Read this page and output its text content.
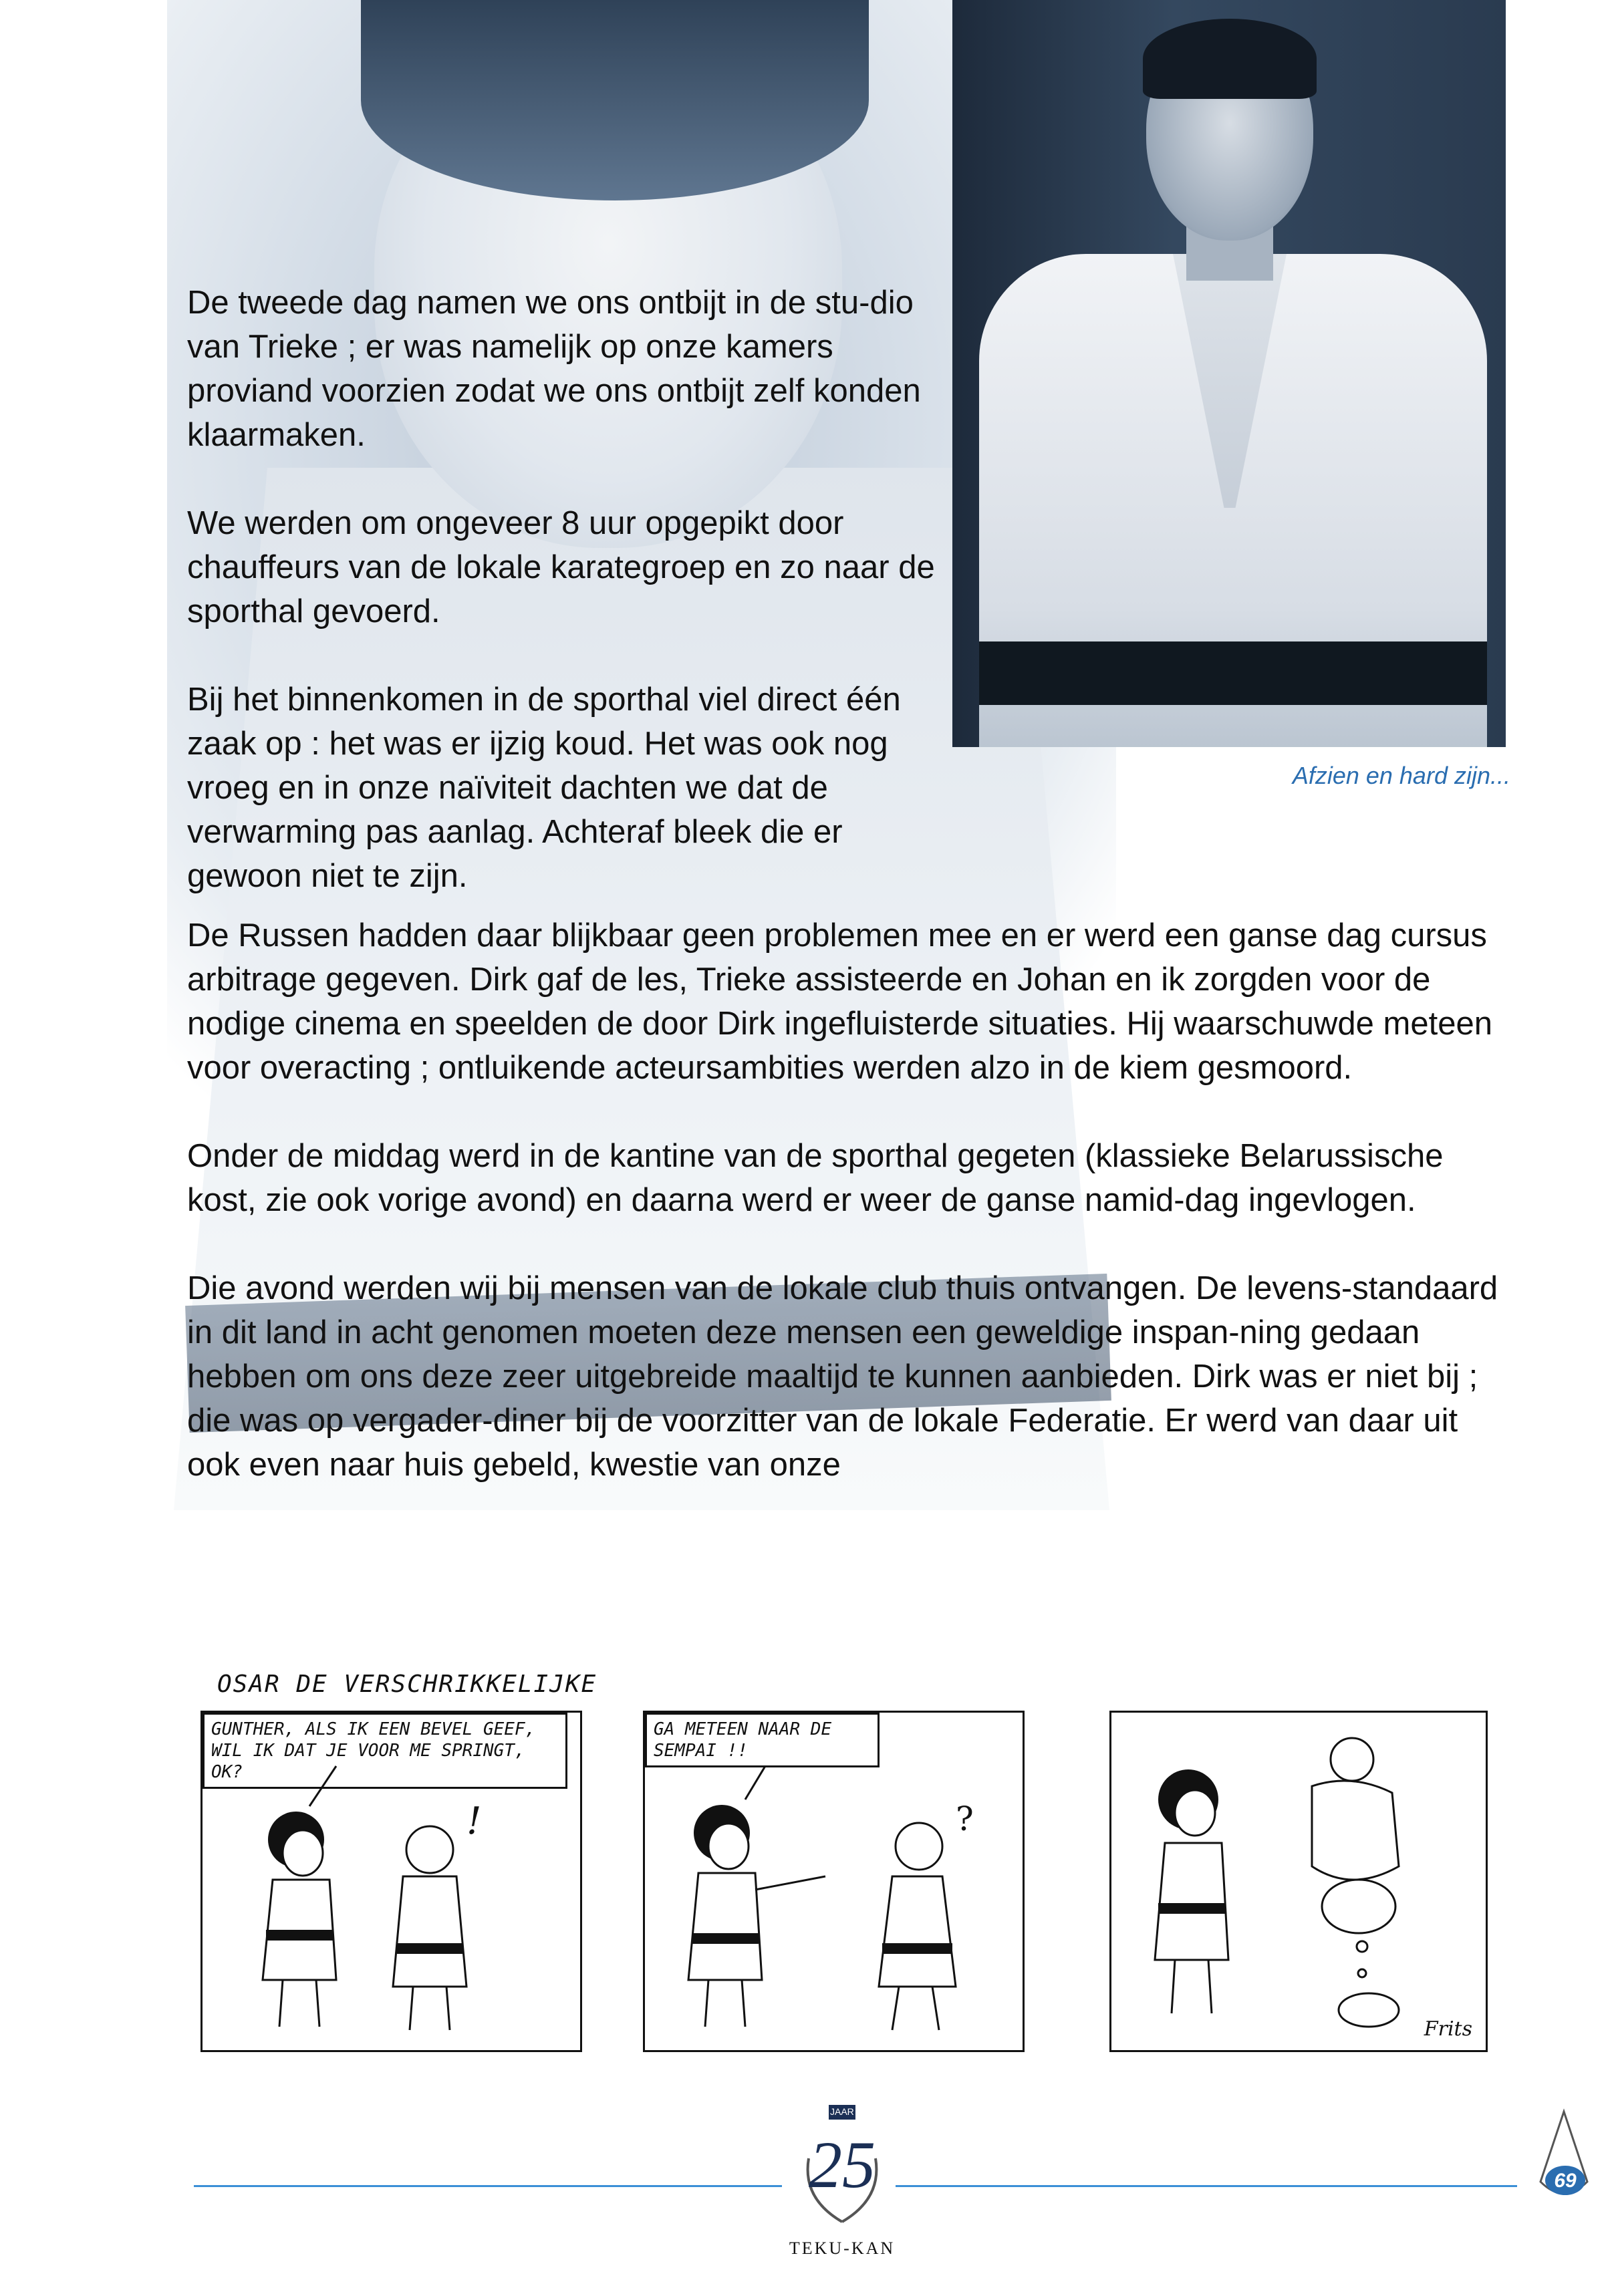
Afzien en hard zijn...

De tweede dag namen we ons ontbijt in de stu-dio van Trieke ; er was namelijk op onze kamers proviand voorzien zodat we ons ontbijt zelf konden klaarmaken.

We werden om ongeveer 8 uur opgepikt door chauffeurs van de lokale karategroep en zo naar de sporthal gevoerd.

Bij het binnenkomen in de sporthal viel direct één zaak op : het was er ijzig koud. Het was ook nog vroeg en in onze naïviteit dachten we dat de verwarming pas aanlag. Achteraf bleek die er gewoon niet te zijn.

De Russen hadden daar blijkbaar geen problemen mee en er werd een ganse dag cursus arbitrage gegeven. Dirk gaf de les, Trieke assisteerde en Johan en ik zorgden voor de nodige cinema en speelden de door Dirk ingefluisterde situaties. Hij waarschuwde meteen voor overacting ; ontluikende acteursambities werden alzo in de kiem gesmoord.

Onder de middag werd in de kantine van de sporthal gegeten (klassieke Belarussische kost, zie ook vorige avond) en daarna werd er weer de ganse namid-dag ingevlogen.

Die avond werden wij bij mensen van de lokale club thuis ontvangen. De levens-standaard in dit land in acht genomen moeten deze mensen een geweldige inspan-ning gedaan hebben om ons deze zeer uitgebreide maaltijd te kunnen aanbieden. Dirk was er niet bij ; die was op vergader-diner bij de voorzitter van de lokale Federatie. Er werd van daar uit ook even naar huis gebeld, kwestie van onze

OSAR DE VERSCHRIKKELIJKE
GUNTHER, ALS IK EEN BEVEL GEEF, WIL IK DAT JE VOOR ME SPRINGT, OK?
!
GA METEEN NAAR DE SEMPAI !!
?
Frits
JAAR
25
TEKU-KAN
69
